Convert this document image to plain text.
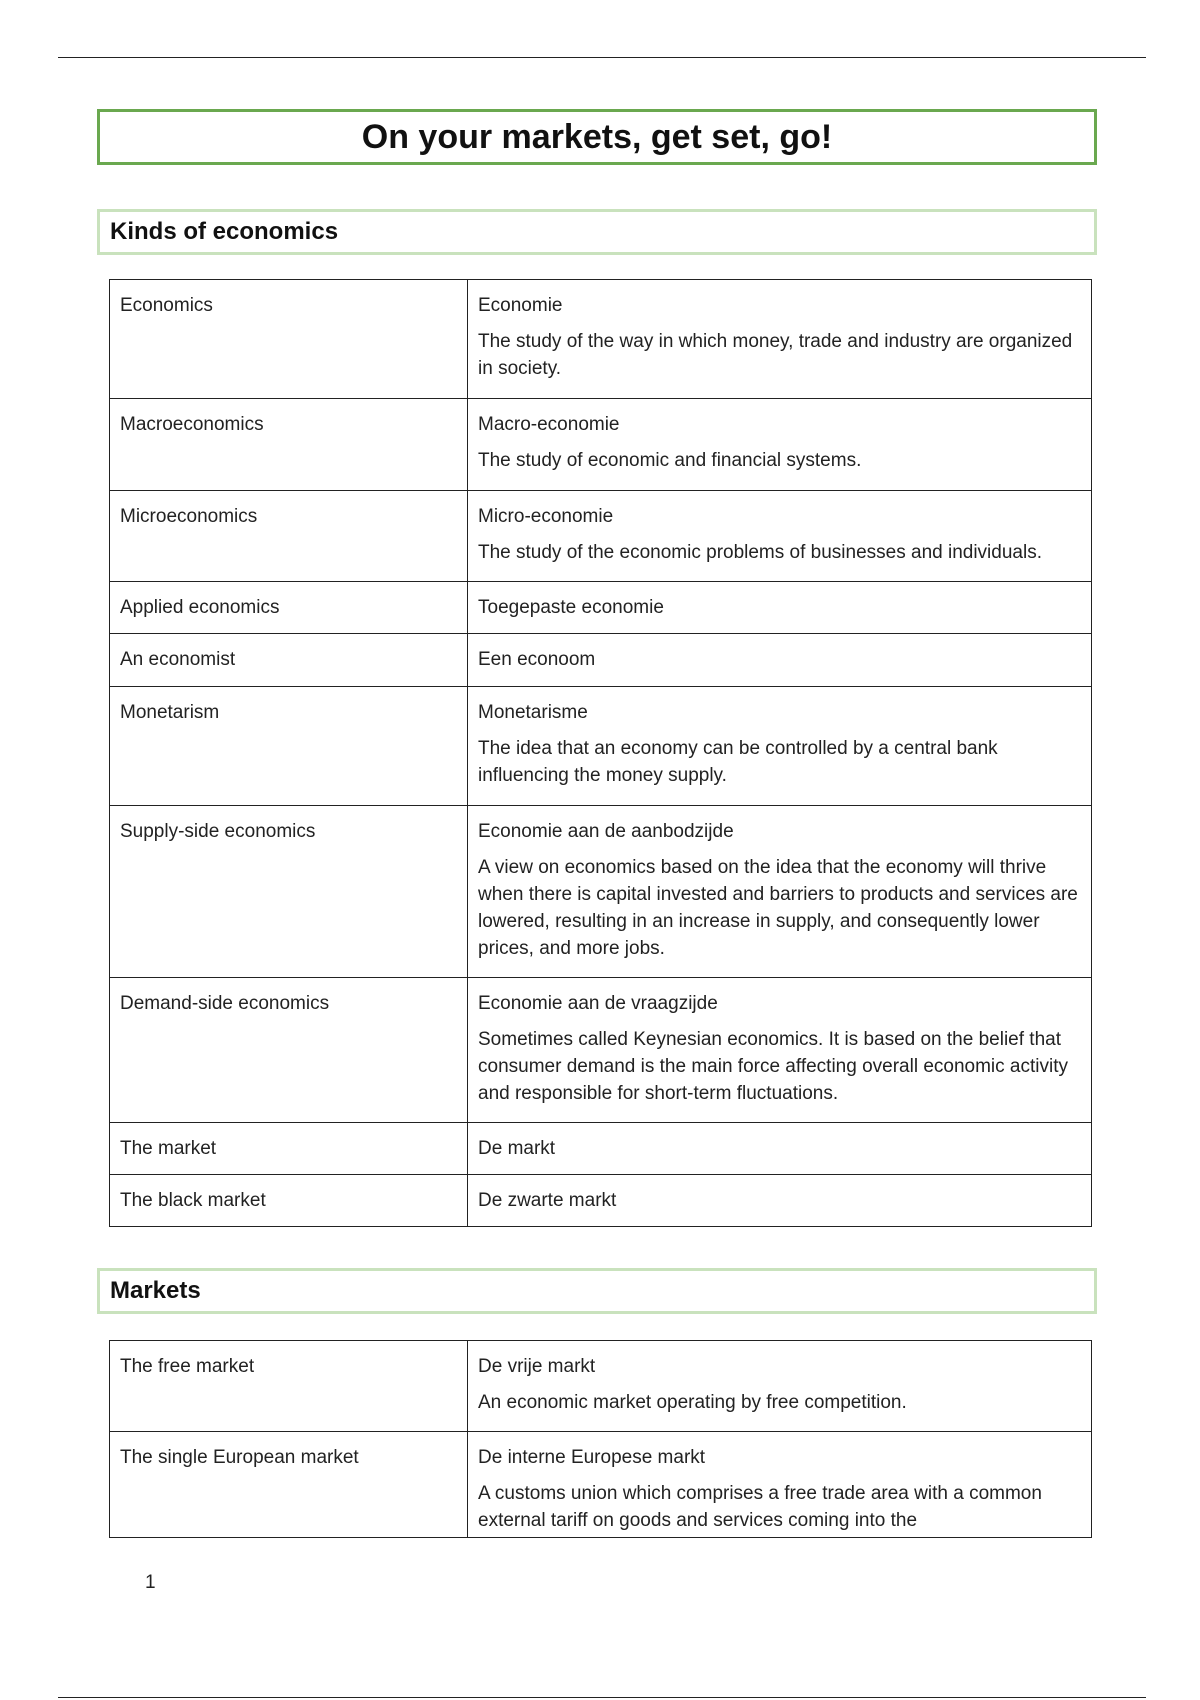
On your markets, get set, go!
Kinds of economics
Economics	Economie

The study of the way in which money, trade and industry are organized in society.

Macroeconomics	Macro-economie

The study of economic and financial systems.

Microeconomics	Micro-economie

The study of the economic problems of businesses and individuals.

Applied economics	Toegepaste economie

An economist	Een econoom

Monetarism	Monetarisme

The idea that an economy can be controlled by a central bank influencing the money supply.

Supply-side economics	Economie aan de aanbodzijde

A view on economics based on the idea that the economy will thrive when there is capital invested and barriers to products and services are lowered, resulting in an increase in supply, and consequently lower prices, and more jobs.

Demand-side economics	Economie aan de vraagzijde

Sometimes called Keynesian economics. It is based on the belief that consumer demand is the main force affecting overall economic activity and responsible for short-term fluctuations.

The market	De markt

The black market	De zwarte markt

Markets
The free market	De vrije markt

An economic market operating by free competition.

The single European market	De interne Europese markt

A customs union which comprises a free trade area with a common external tariff on goods and services coming into the

1
